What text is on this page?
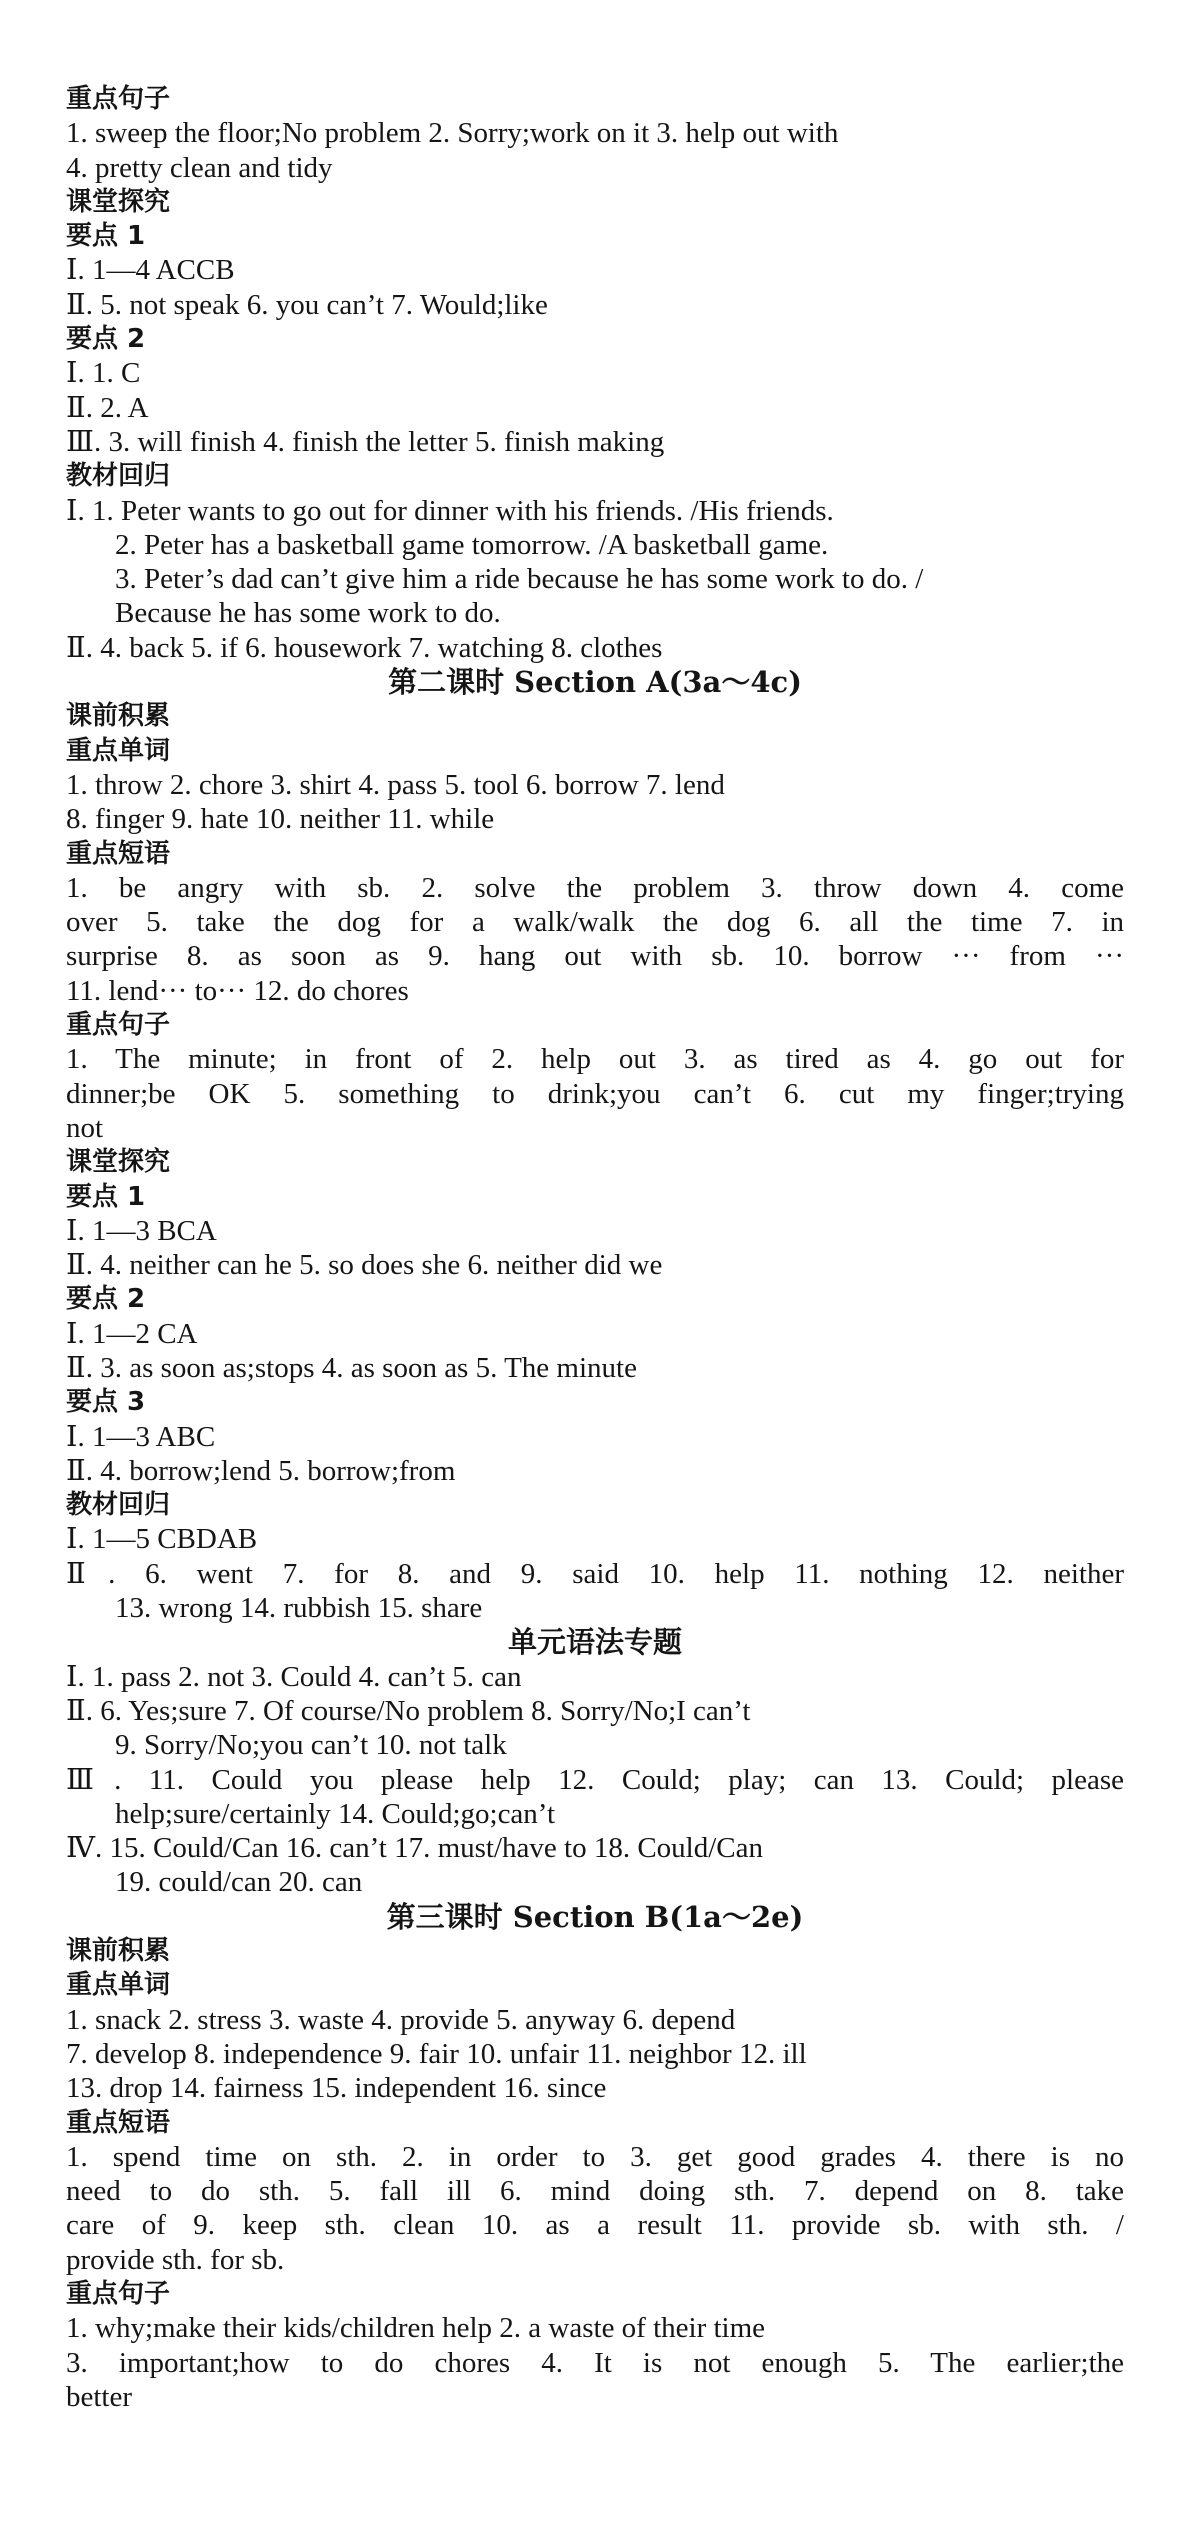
重点句子
1. sweep the floor;No problem 2. Sorry;work on it 3. help out with
4. pretty clean and tidy
课堂探究
要点 1
Ⅰ. 1—4 ACCB
Ⅱ. 5. not speak 6. you can’t 7. Would;like
要点 2
Ⅰ. 1. C
Ⅱ. 2. A
Ⅲ. 3. will finish 4. finish the letter 5. finish making
教材回归
Ⅰ. 1. Peter wants to go out for dinner with his friends. /His friends.
2. Peter has a basketball game tomorrow. /A basketball game.
3. Peter’s dad can’t give him a ride because he has some work to do. /
Because he has some work to do.
Ⅱ. 4. back 5. if 6. housework 7. watching 8. clothes
第二课时 Section A(3a～4c)
课前积累
重点单词
1. throw 2. chore 3. shirt 4. pass 5. tool 6. borrow 7. lend
8. finger 9. hate 10. neither 11. while
重点短语
1. be angry with sb. 2. solve the problem 3. throw down 4. come
over 5. take the dog for a walk/walk the dog 6. all the time 7. in
surprise 8. as soon as 9. hang out with sb. 10. borrow ··· from ···
11. lend··· to··· 12. do chores
重点句子
1. The minute; in front of 2. help out 3. as tired as 4. go out for
dinner;be OK 5. something to drink;you can’t 6. cut my finger;trying
not
课堂探究
要点 1
Ⅰ. 1—3 BCA
Ⅱ. 4. neither can he 5. so does she 6. neither did we
要点 2
Ⅰ. 1—2 CA
Ⅱ. 3. as soon as;stops 4. as soon as 5. The minute
要点 3
Ⅰ. 1—3 ABC
Ⅱ. 4. borrow;lend 5. borrow;from
教材回归
Ⅰ. 1—5 CBDAB
Ⅱ. 6. went 7. for 8. and 9. said 10. help 11. nothing 12. neither
13. wrong 14. rubbish 15. share
单元语法专题
Ⅰ. 1. pass 2. not 3. Could 4. can’t 5. can
Ⅱ. 6. Yes;sure 7. Of course/No problem 8. Sorry/No;I can’t
9. Sorry/No;you can’t 10. not talk
Ⅲ. 11. Could you please help 12. Could; play; can 13. Could; please
help;sure/certainly 14. Could;go;can’t
Ⅳ. 15. Could/Can 16. can’t 17. must/have to 18. Could/Can
19. could/can 20. can
第三课时 Section B(1a～2e)
课前积累
重点单词
1. snack 2. stress 3. waste 4. provide 5. anyway 6. depend
7. develop 8. independence 9. fair 10. unfair 11. neighbor 12. ill
13. drop 14. fairness 15. independent 16. since
重点短语
1. spend time on sth. 2. in order to 3. get good grades 4. there is no
need to do sth. 5. fall ill 6. mind doing sth. 7. depend on 8. take
care of 9. keep sth. clean 10. as a result 11. provide sb. with sth. /
provide sth. for sb.
重点句子
1. why;make their kids/children help 2. a waste of their time
3. important;how to do chores 4. It is not enough 5. The earlier;the
better
